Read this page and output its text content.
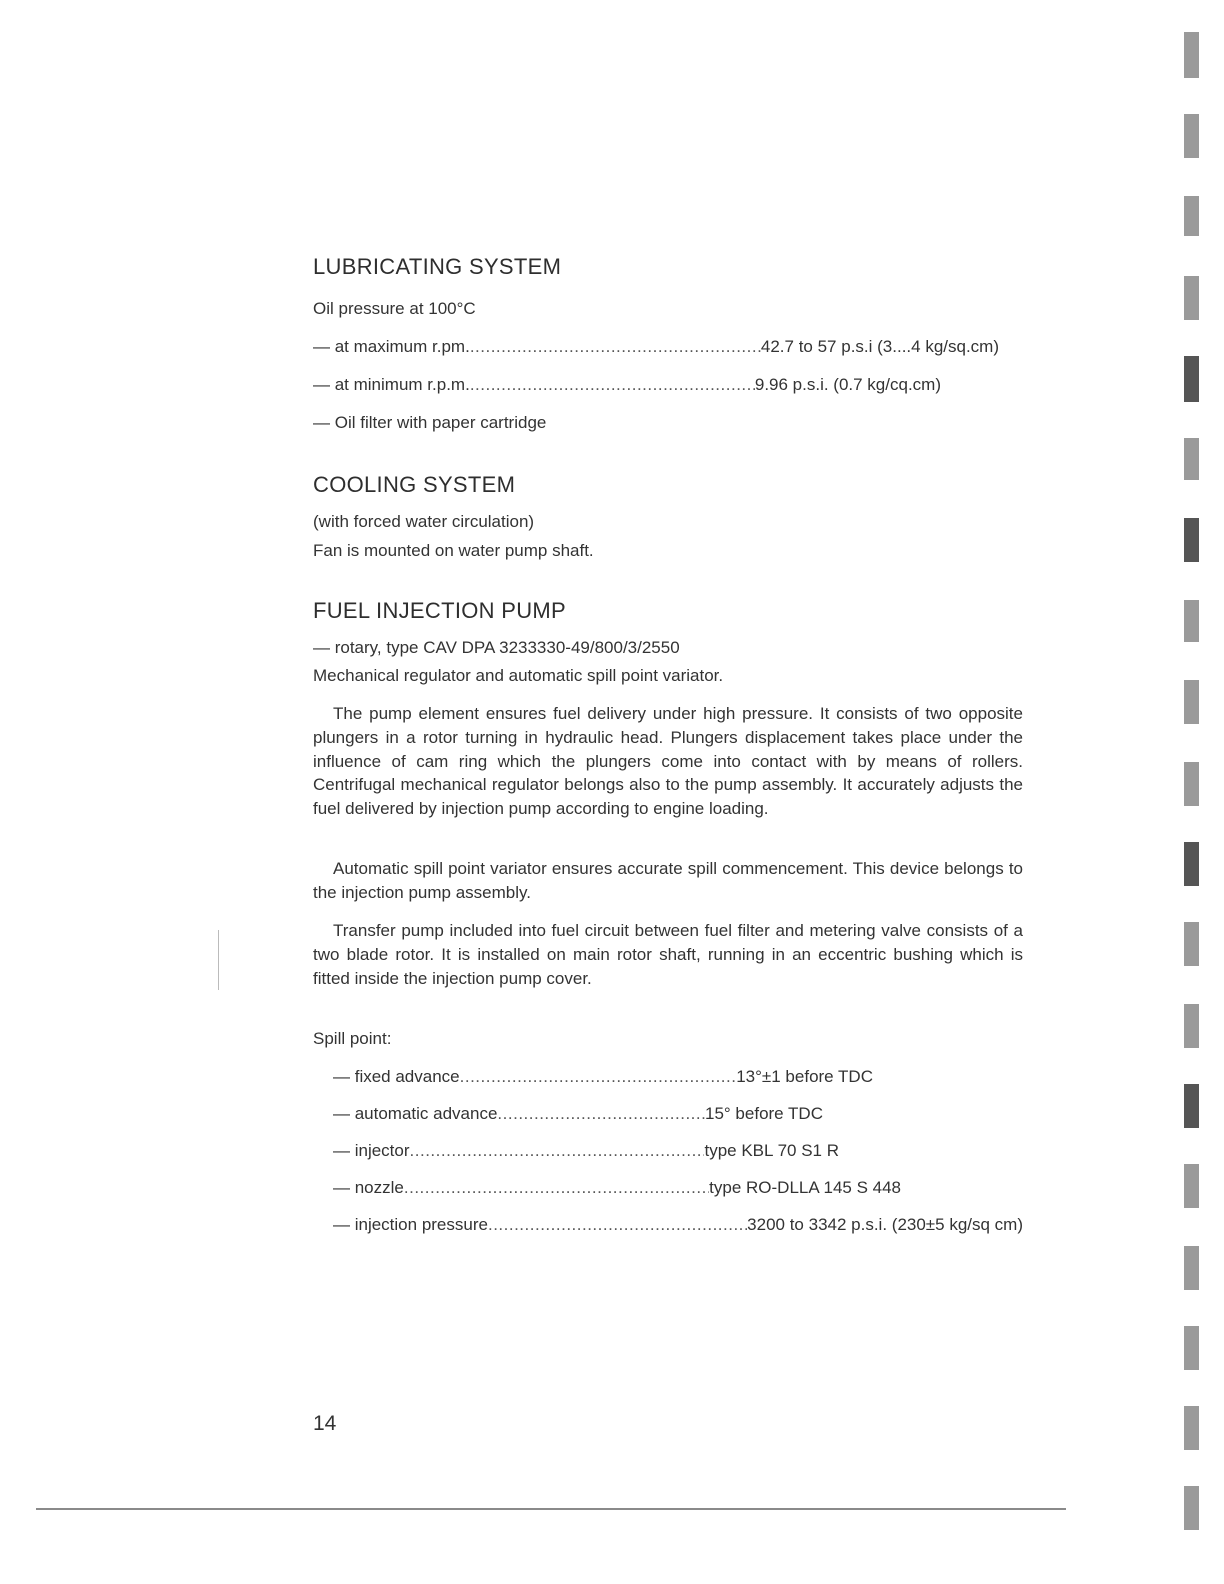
LUBRICATING SYSTEM
Oil pressure at 100°C
— at maximum r.pm. .....	42.7 to 57 p.s.i (3....4 kg/sq.cm)
— at minimum r.p.m. .....	9.96 p.s.i. (0.7 kg/cq.cm)
— Oil filter with paper cartridge
COOLING SYSTEM
(with forced water circulation)
Fan is mounted on water pump shaft.
FUEL INJECTION PUMP
— rotary, type CAV DPA 3233330-49/800/3/2550
Mechanical regulator and automatic spill point variator.

The pump element ensures fuel delivery under high pressure. It consists of two opposite plungers in a rotor turning in hydraulic head. Plungers displacement takes place under the influence of cam ring which the plungers come into contact with by means of rollers. Centrifugal mechanical regulator belongs also to the pump assembly. It accurately adjusts the fuel delivered by injection pump according to engine loading.

Automatic spill point variator ensures accurate spill commencement. This device belongs to the injection pump assembly.

Transfer pump included into fuel circuit between fuel filter and metering valve consists of a two blade rotor. It is installed on main rotor shaft, running in an eccentric bushing which is fitted inside the injection pump cover.

Spill point:
— fixed advance .....	13°±1 before TDC
— automatic advance .....	15° before TDC
— injector .....	type KBL 70 S1 R
— nozzle .....	type RO-DLLA 145 S 448
— injection pressure .....	3200 to 3342 p.s.i. (230±5 kg/sq cm)
14
